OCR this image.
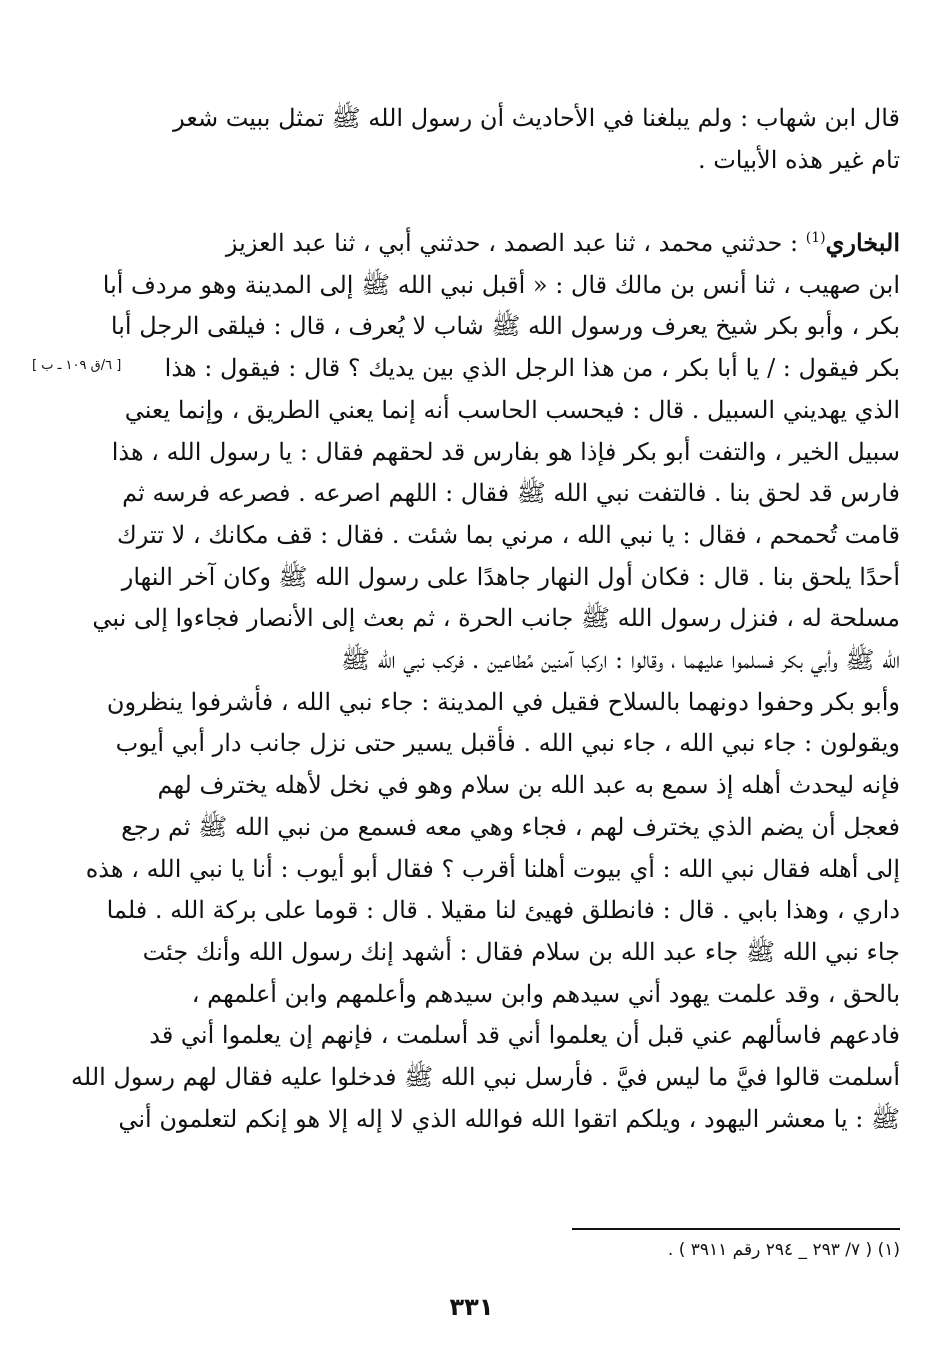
قال ابن شهاب : ولم يبلغنا في الأحاديث أن رسول الله ﷺ تمثل ببيت شعر
تام غير هذه الأبيات .
البخاري$^{(1)}$ : حدثني محمد ، ثنا عبد الصمد ، حدثني أبي ، ثنا عبد العزيز
ابن صهيب ، ثنا أنس بن مالك قال : « أقبل نبي الله ﷺ إلى المدينة وهو مردف أبا
بكر ، وأبو بكر شيخ يعرف ورسول الله ﷺ شاب لا يُعرف ، قال : فيلقى الرجل أبا
بكر فيقول : / يا أبا بكر ، من هذا الرجل الذي بين يديك ؟ قال : فيقول : هذا
الذي يهديني السبيل . قال : فيحسب الحاسب أنه إنما يعني الطريق ، وإنما يعني
سبيل الخير ، والتفت أبو بكر فإذا هو بفارس قد لحقهم فقال : يا رسول الله ، هذا
فارس قد لحق بنا . فالتفت نبي الله ﷺ فقال : اللهم اصرعه . فصرعه فرسه ثم
قامت تُحمحم ، فقال : يا نبي الله ، مرني بما شئت . فقال : قف مكانك ، لا تترك
أحدًا يلحق بنا . قال : فكان أول النهار جاهدًا على رسول الله ﷺ وكان آخر النهار
مسلحة له ، فنزل رسول الله ﷺ جانب الحرة ، ثم بعث إلى الأنصار فجاءوا إلى نبي
الله ﷺ وأبي بكر فسلموا عليهما ، وقالوا : اركبا آمنين مُطاعين . فركب نبي الله ﷺ
وأبو بكر وحفوا دونهما بالسلاح فقيل في المدينة : جاء نبي الله ، فأشرفوا ينظرون
ويقولون : جاء نبي الله ، جاء نبي الله . فأقبل يسير حتى نزل جانب دار أبي أيوب
فإنه ليحدث أهله إذ سمع به عبد الله بن سلام وهو في نخل لأهله يخترف لهم
فعجل أن يضم الذي يخترف لهم ، فجاء وهي معه فسمع من نبي الله ﷺ ثم رجع
إلى أهله فقال نبي الله : أي بيوت أهلنا أقرب ؟ فقال أبو أيوب : أنا يا نبي الله ، هذه
داري ، وهذا بابي . قال : فانطلق فهيئ لنا مقيلا . قال : قوما على بركة الله . فلما
جاء نبي الله ﷺ جاء عبد الله بن سلام فقال : أشهد إنك رسول الله وأنك جئت
بالحق ، وقد علمت يهود أني سيدهم وابن سيدهم وأعلمهم وابن أعلمهم ،
فادعهم فاسألهم عني قبل أن يعلموا أني قد أسلمت ، فإنهم إن يعلموا أني قد
أسلمت قالوا فيَّ ما ليس فيَّ . فأرسل نبي الله ﷺ فدخلوا عليه فقال لهم رسول الله
ﷺ : يا معشر اليهود ، ويلكم اتقوا الله فوالله الذي لا إله إلا هو إنكم لتعلمون أني
[ ٦/ق ١٠٩ ـ ب ]
(١) ( ٧/ ٢٩٣ _ ٢٩٤ رقم ٣٩١١ ) .
٣٣١
